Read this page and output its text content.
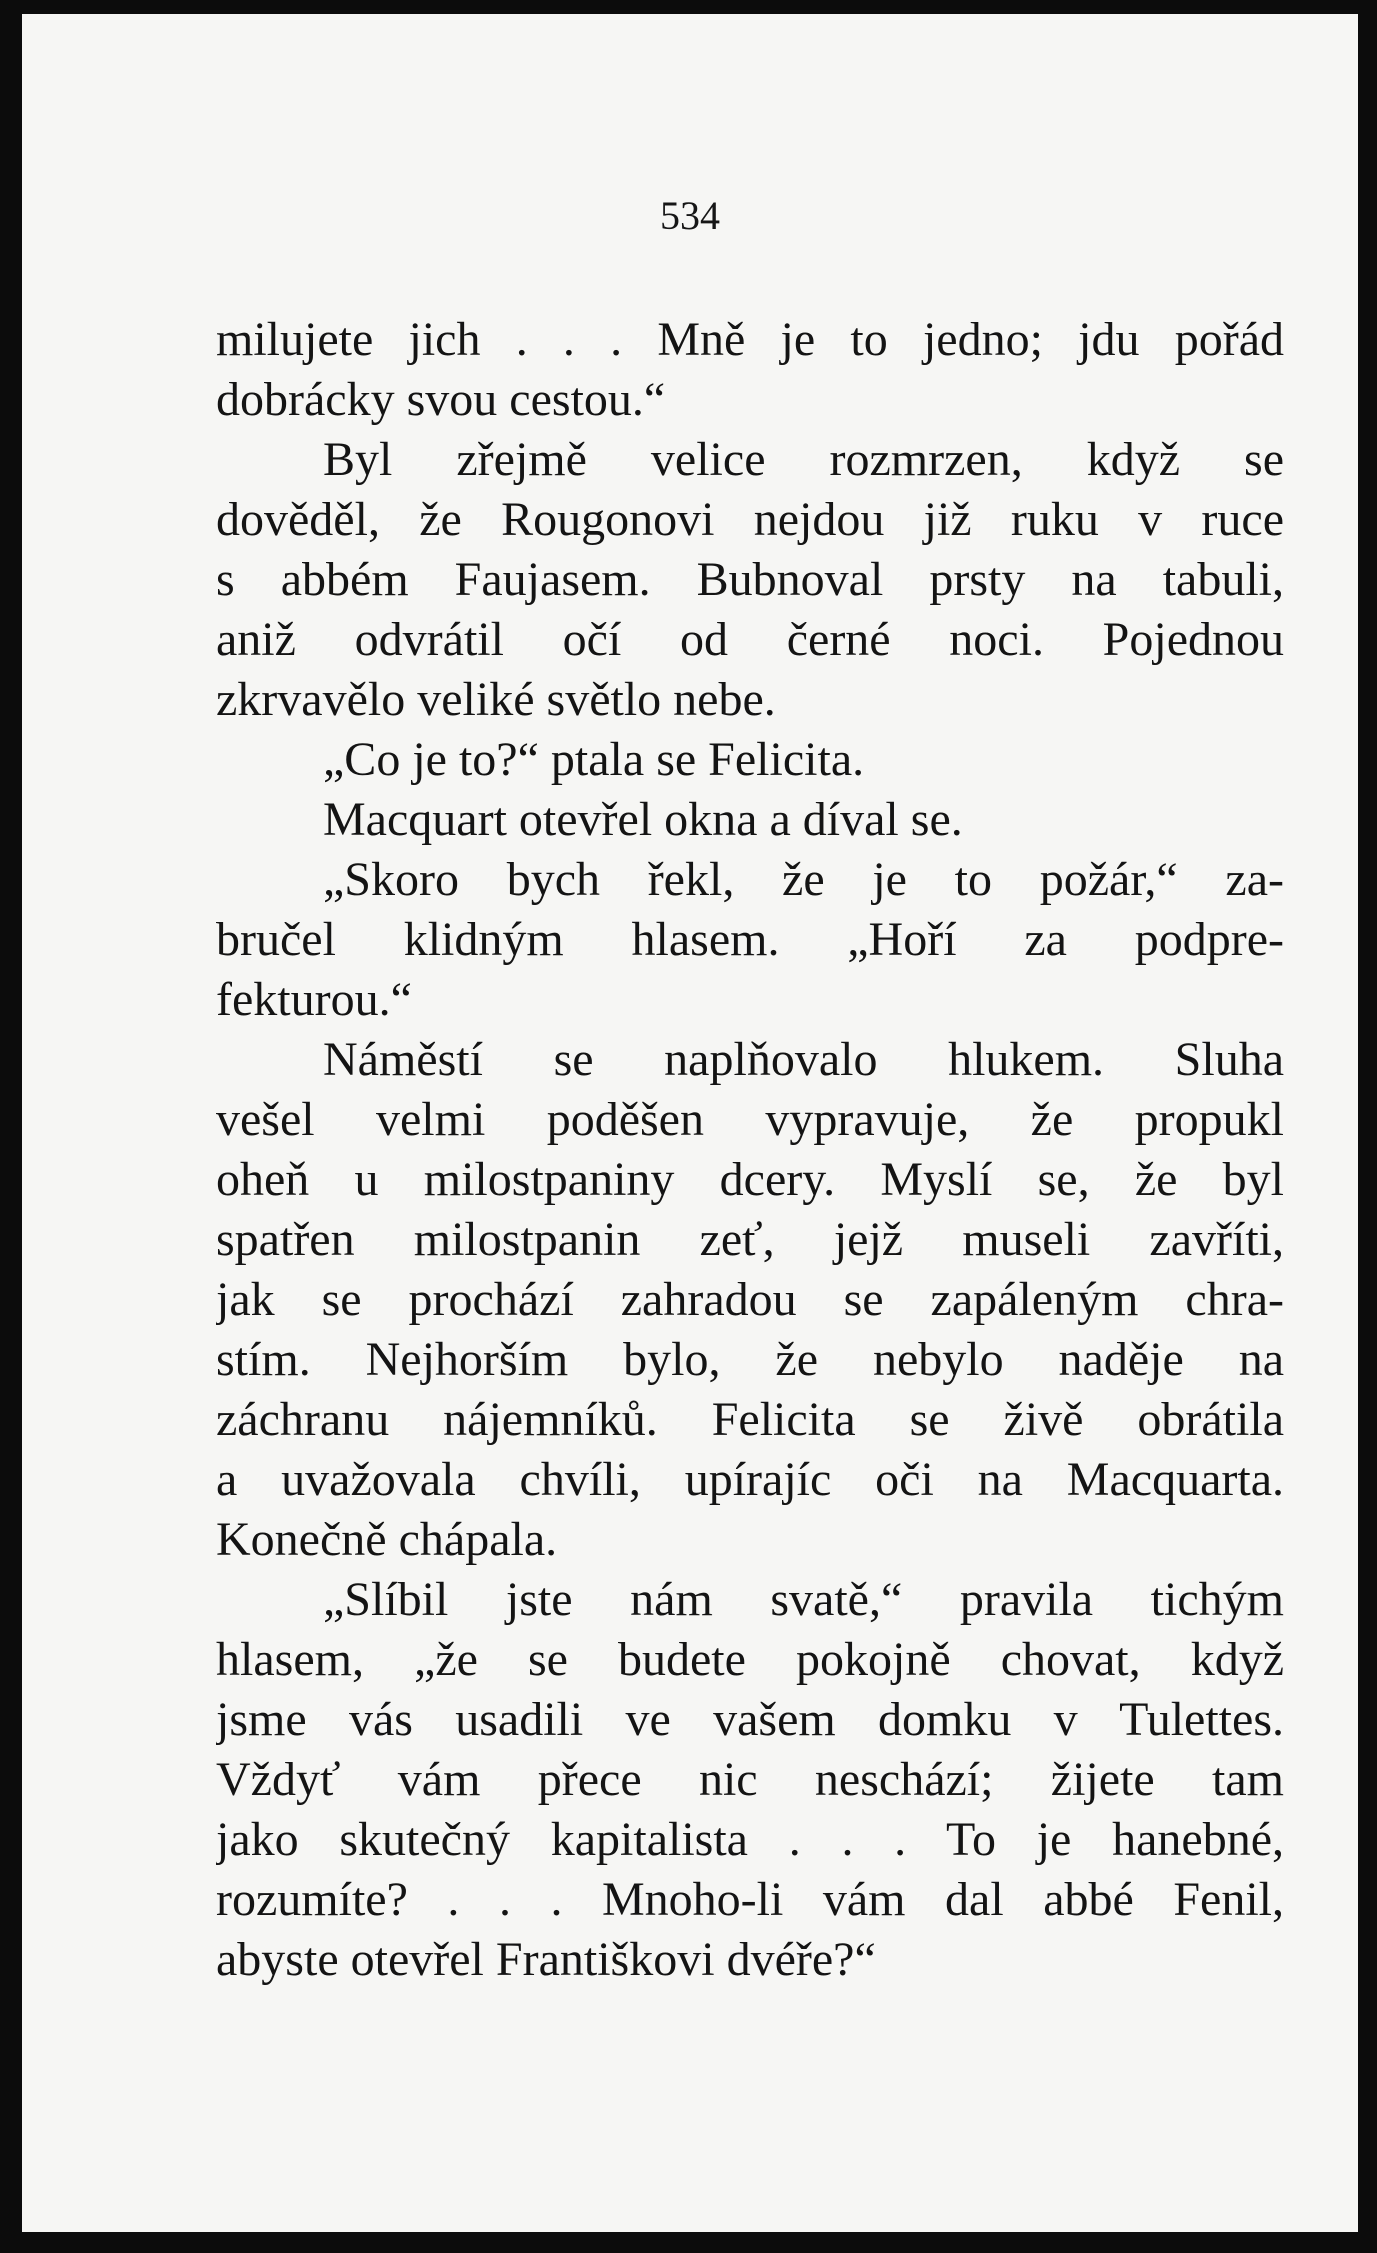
534
milujete jich . . . Mně je to jedno; jdu pořád
dobrácky svou cestou.“
Byl zřejmě velice rozmrzen, když se
dověděl, že Rougonovi nejdou již ruku v ruce
s abbém Faujasem. Bubnoval prsty na tabuli,
aniž odvrátil očí od černé noci. Pojednou
zkrvavělo veliké světlo nebe.
„Co je to?“ ptala se Felicita.
Macquart otevřel okna a díval se.
„Skoro bych řekl, že je to požár,“ za-
bručel klidným hlasem. „Hoří za podpre-
fekturou.“
Náměstí se naplňovalo hlukem. Sluha
vešel velmi poděšen vypravuje, že propukl
oheň u milostpaniny dcery. Myslí se, že byl
spatřen milostpanin zeť, jejž museli zavříti,
jak se prochází zahradou se zapáleným chra-
stím. Nejhorším bylo, že nebylo naděje na
záchranu nájemníků. Felicita se živě obrátila
a uvažovala chvíli, upírajíc oči na Macquarta.
Konečně chápala.
„Slíbil jste nám svatě,“ pravila tichým
hlasem, „že se budete pokojně chovat, když
jsme vás usadili ve vašem domku v Tulettes.
Vždyť vám přece nic neschází; žijete tam
jako skutečný kapitalista . . . To je hanebné,
rozumíte? . . . Mnoho-li vám dal abbé Fenil,
abyste otevřel Františkovi dvéře?“
